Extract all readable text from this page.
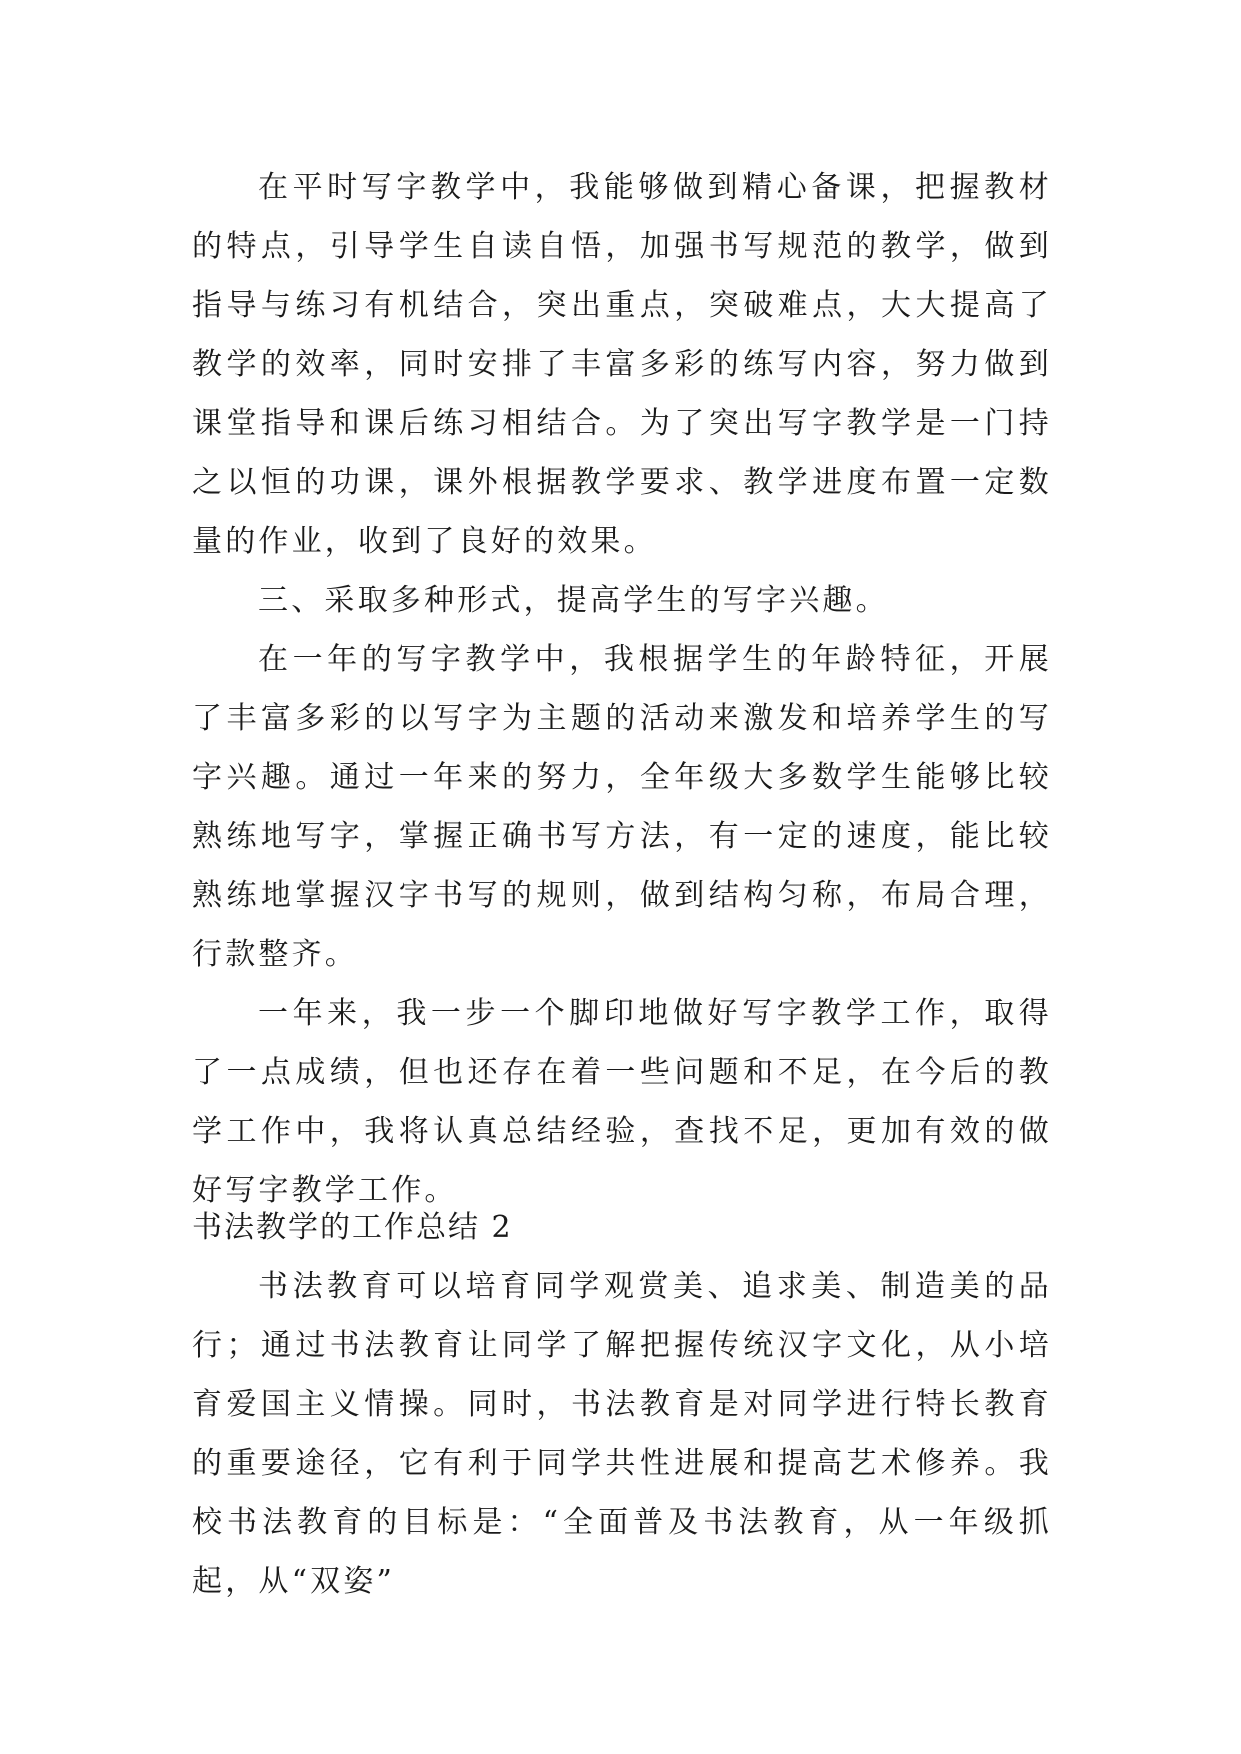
在平时写字教学中，我能够做到精心备课，把握教材的特点，引导学生自读自悟，加强书写规范的教学，做到指导与练习有机结合，突出重点，突破难点，大大提高了教学的效率，同时安排了丰富多彩的练写内容，努力做到课堂指导和课后练习相结合。为了突出写字教学是一门持之以恒的功课，课外根据教学要求、教学进度布置一定数量的作业，收到了良好的效果。

三、采取多种形式，提高学生的写字兴趣。

在一年的写字教学中，我根据学生的年龄特征，开展了丰富多彩的以写字为主题的活动来激发和培养学生的写字兴趣。通过一年来的努力，全年级大多数学生能够比较熟练地写字，掌握正确书写方法，有一定的速度，能比较熟练地掌握汉字书写的规则，做到结构匀称，布局合理，行款整齐。

一年来，我一步一个脚印地做好写字教学工作，取得了一点成绩，但也还存在着一些问题和不足，在今后的教学工作中，我将认真总结经验，查找不足，更加有效的做好写字教学工作。

书法教学的工作总结 2

书法教育可以培育同学观赏美、追求美、制造美的品行；通过书法教育让同学了解把握传统汉字文化，从小培育爱国主义情操。同时，书法教育是对同学进行特长教育的重要途径，它有利于同学共性进展和提高艺术修养。我校书法教育的目标是：“全面普及书法教育，从一年级抓起，从“双姿”
